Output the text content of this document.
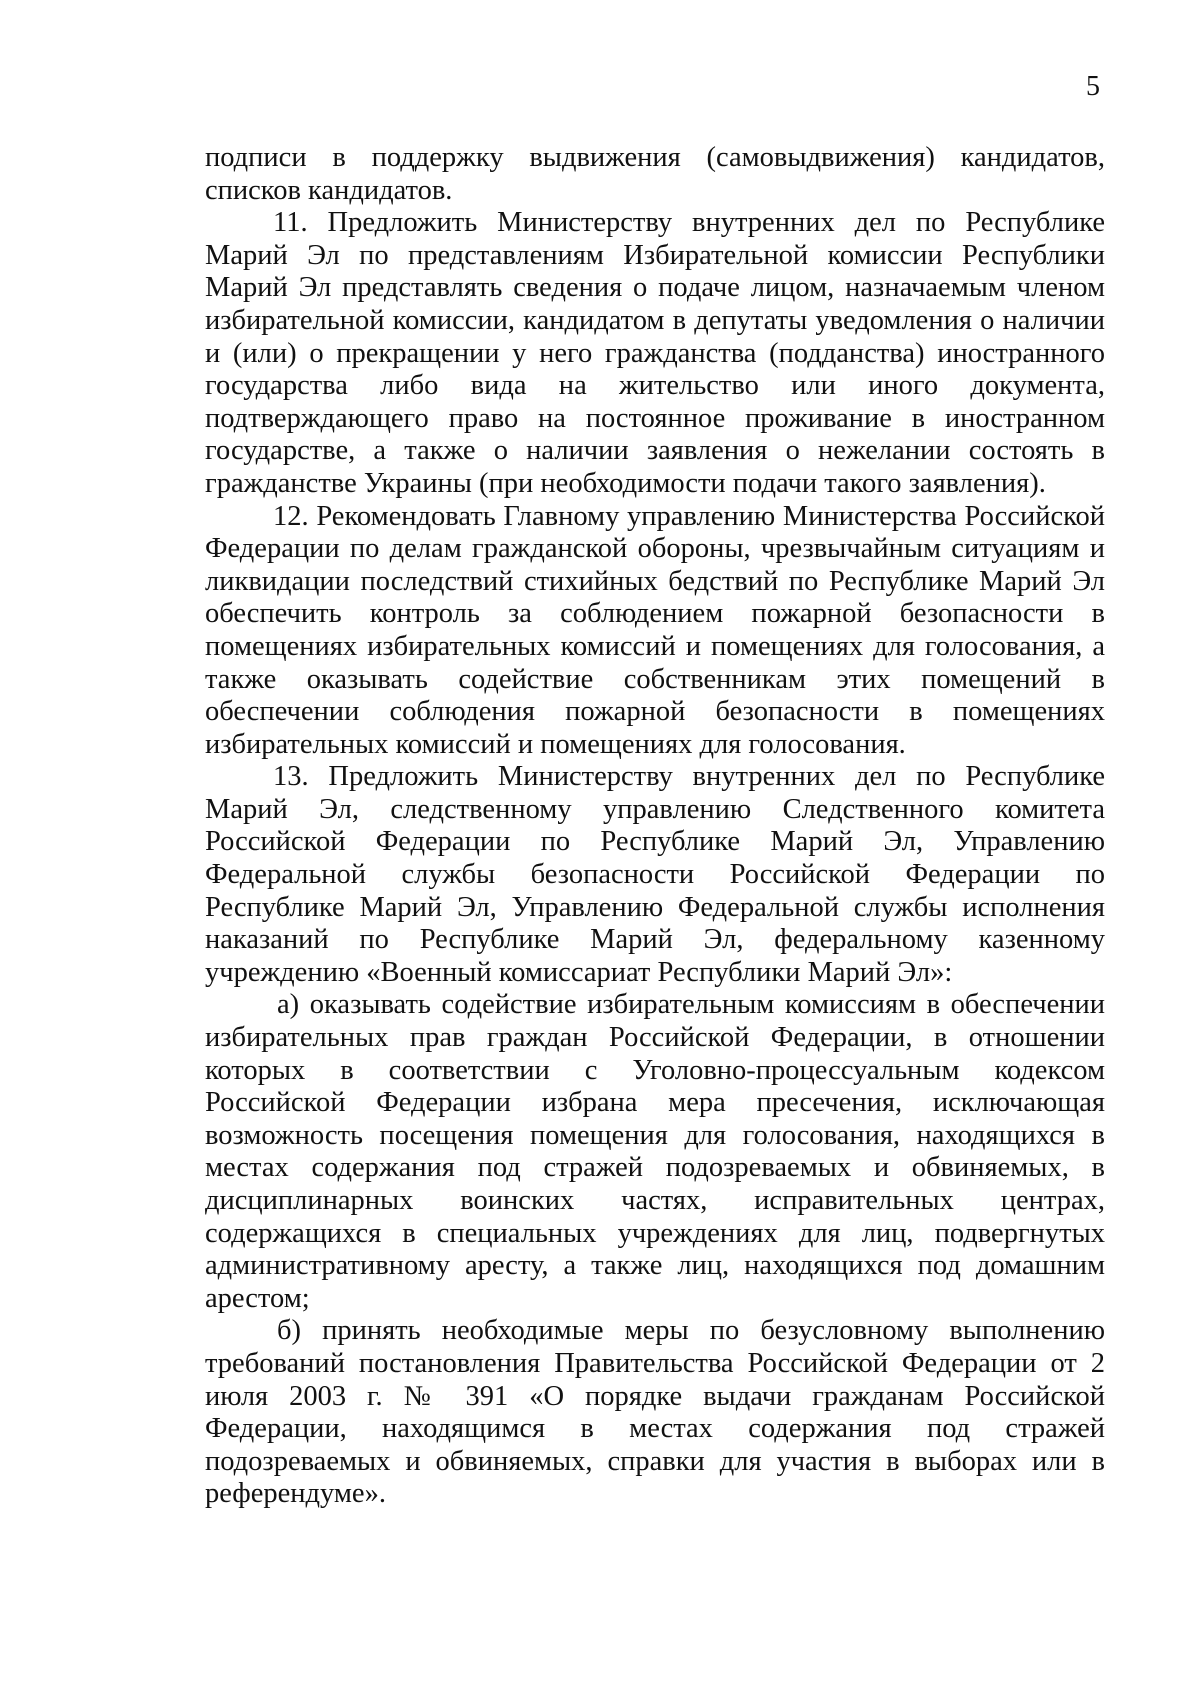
5

подписи в поддержку выдвижения (самовыдвижения) кандидатов, списков кандидатов.

11. Предложить Министерству внутренних дел по Республике Марий Эл по представлениям Избирательной комиссии Республики Марий Эл представлять сведения о подаче лицом, назначаемым членом избирательной комиссии, кандидатом в депутаты уведомления о наличии и (или) о прекращении у него гражданства (подданства) иностранного государства либо вида на жительство или иного документа, подтверждающего право на постоянное проживание в иностранном государстве, а также о наличии заявления о нежелании состоять в гражданстве Украины (при необходимости подачи такого заявления).

12. Рекомендовать Главному управлению Министерства Российской Федерации по делам гражданской обороны, чрезвычайным ситуациям и ликвидации последствий стихийных бедствий по Республике Марий Эл обеспечить контроль за соблюдением пожарной безопасности в помещениях избирательных комиссий и помещениях для голосования, а также оказывать содействие собственникам этих помещений в обеспечении соблюдения пожарной безопасности в помещениях избирательных комиссий и помещениях для голосования.

13. Предложить Министерству внутренних дел по Республике Марий Эл, следственному управлению Следственного комитета Российской Федерации по Республике Марий Эл, Управлению Федеральной службы безопасности Российской Федерации по Республике Марий Эл, Управлению Федеральной службы исполнения наказаний по Республике Марий Эл, федеральному казенному учреждению «Военный комиссариат Республики Марий Эл»:

а) оказывать содействие избирательным комиссиям в обеспечении избирательных прав граждан Российской Федерации, в отношении которых в соответствии с Уголовно-процессуальным кодексом Российской Федерации избрана мера пресечения, исключающая возможность посещения помещения для голосования, находящихся в местах содержания под стражей подозреваемых и обвиняемых, в дисциплинарных воинских частях, исправительных центрах, содержащихся в специальных учреждениях для лиц, подвергнутых административному аресту, а также лиц, находящихся под домашним арестом;

б) принять необходимые меры по безусловному выполнению требований постановления Правительства Российской Федерации от 2 июля 2003 г. № 391 «О порядке выдачи гражданам Российской Федерации, находящимся в местах содержания под стражей подозреваемых и обвиняемых, справки для участия в выборах или в референдуме».
